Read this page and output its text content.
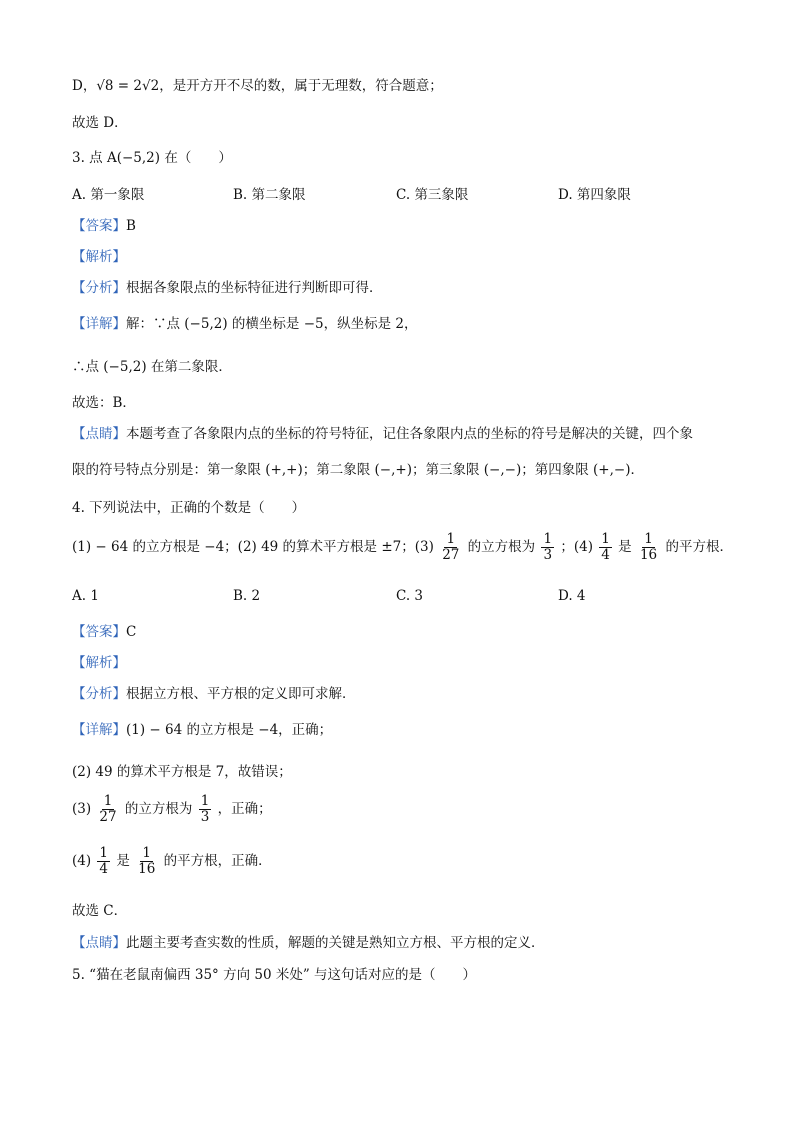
D，√8 = 2√2，是开方开不尽的数，属于无理数，符合题意；
故选 D．
3. 点 A(−5,2) 在（　　）
A. 第一象限	B. 第二象限	C. 第三象限	D. 第四象限
【答案】B
【解析】
【分析】根据各象限点的坐标特征进行判断即可得．
【详解】解：∵点 (−5,2) 的横坐标是 −5，纵坐标是 2，
∴点 (−5,2) 在第二象限．
故选：B．
【点睛】本题考查了各象限内点的坐标的符号特征，记住各象限内点的坐标的符号是解决的关键，四个象
限的符号特点分别是：第一象限 (+,+)；第二象限 (−,+)；第三象限 (−,−)；第四象限 (+,−)．
4. 下列说法中，正确的个数是（　　）
(1) − 64 的立方根是 −4；(2) 49 的算术平方根是 ±7；$(3) \frac{1}{27}$ 的立方根为 $\frac{1}{3}$ ；$(4) \frac{1}{4}$ 是 $\frac{1}{16}$ 的平方根．
A. 1	B. 2	C. 3	D. 4
【答案】C
【解析】
【分析】根据立方根、平方根的定义即可求解．
【详解】(1) − 64 的立方根是 −4，正确；
(2) 49 的算术平方根是 7，故错误；
$(3) \frac{1}{27}$ 的立方根为 $\frac{1}{3}$ ，正确；
$(4) \frac{1}{4}$ 是 $\frac{1}{16}$ 的平方根，正确．
故选 C．
【点睛】此题主要考查实数的性质，解题的关键是熟知立方根、平方根的定义．
5. “猫在老鼠南偏西 35° 方向 50 米处” 与这句话对应的是（　　）
